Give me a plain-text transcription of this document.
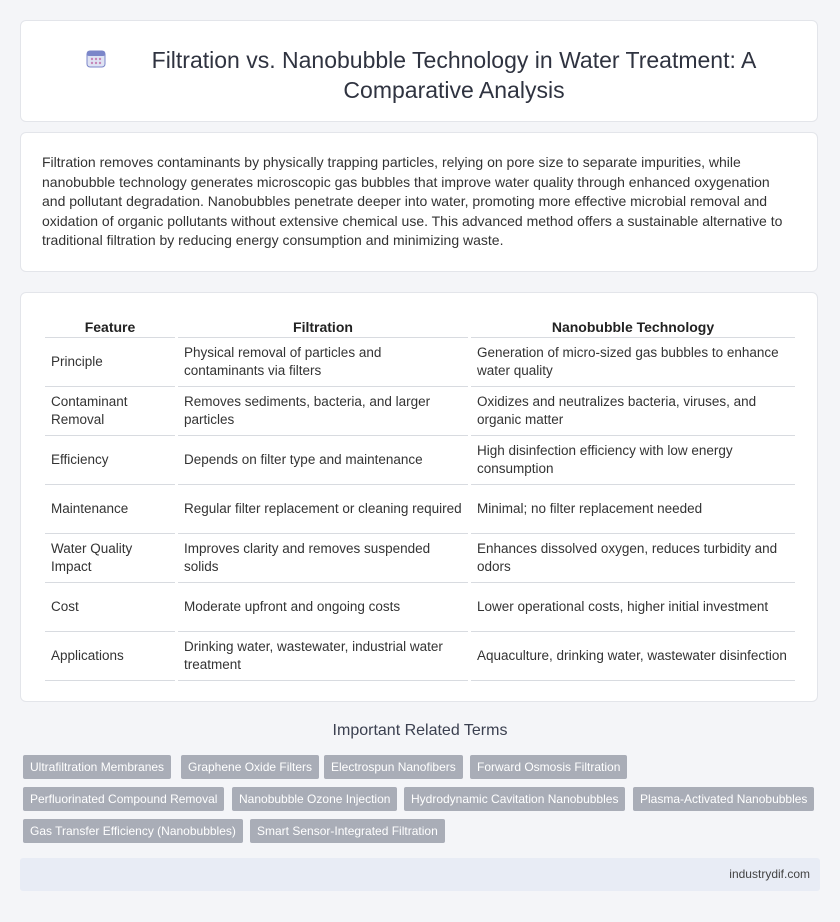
Filtration vs. Nanobubble Technology in Water Treatment: A Comparative Analysis

Filtration removes contaminants by physically trapping particles, relying on pore size to separate impurities, while nanobubble technology generates microscopic gas bubbles that improve water quality through enhanced oxygenation and pollutant degradation. Nanobubbles penetrate deeper into water, promoting more effective microbial removal and oxidation of organic pollutants without extensive chemical use. This advanced method offers a sustainable alternative to traditional filtration by reducing energy consumption and minimizing waste.

Feature	Filtration	Nanobubble Technology
Principle	Physical removal of particles and contaminants via filters	Generation of micro-sized gas bubbles to enhance water quality
Contaminant Removal	Removes sediments, bacteria, and larger particles	Oxidizes and neutralizes bacteria, viruses, and organic matter
Efficiency	Depends on filter type and maintenance	High disinfection efficiency with low energy consumption
Maintenance	Regular filter replacement or cleaning required	Minimal; no filter replacement needed
Water Quality Impact	Improves clarity and removes suspended solids	Enhances dissolved oxygen, reduces turbidity and odors
Cost	Moderate upfront and ongoing costs	Lower operational costs, higher initial investment
Applications	Drinking water, wastewater, industrial water treatment	Aquaculture, drinking water, wastewater disinfection
Important Related Terms
Ultrafiltration Membranes	Graphene Oxide Filters	Electrospun Nanofibers	Forward Osmosis Filtration
Perfluorinated Compound Removal	Nanobubble Ozone Injection	Hydrodynamic Cavitation Nanobubbles	Plasma-Activated Nanobubbles
Gas Transfer Efficiency (Nanobubbles)	Smart Sensor-Integrated Filtration
industrydif.com
